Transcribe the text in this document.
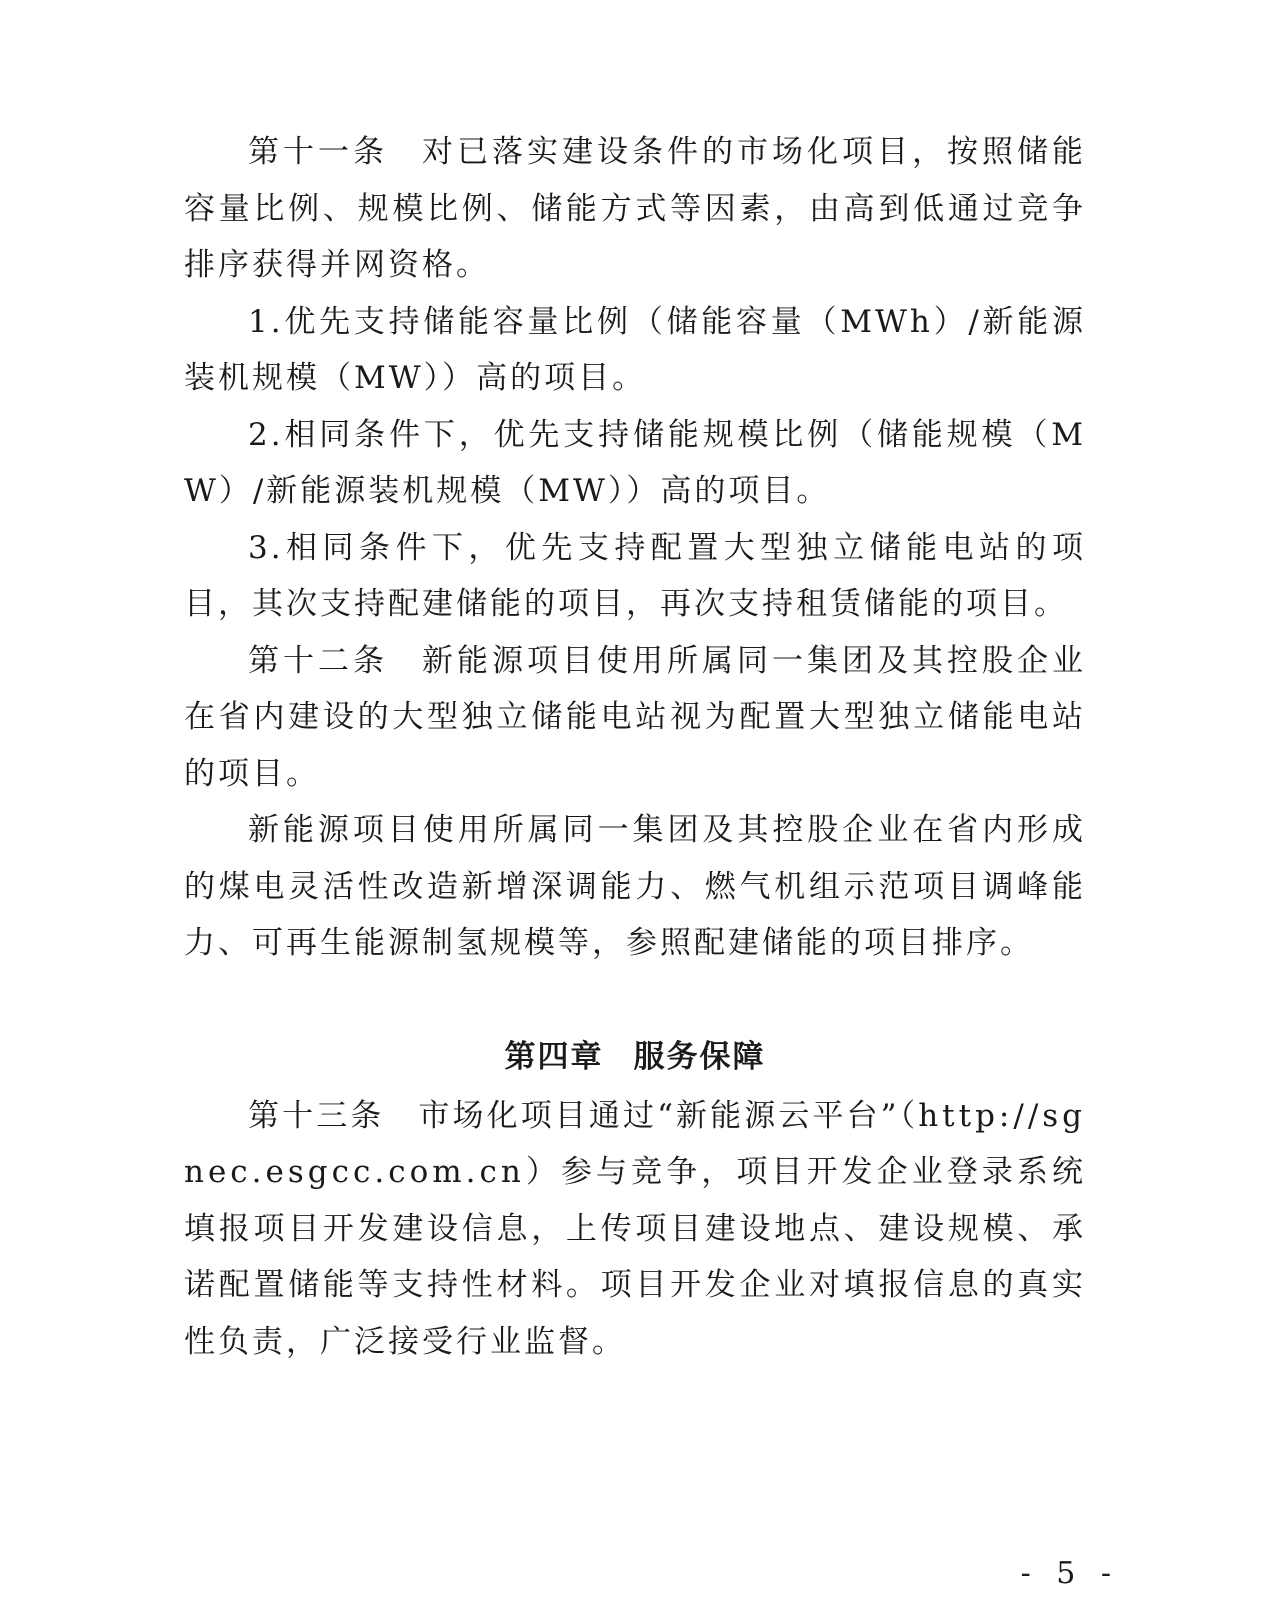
第十一条 对已落实建设条件的市场化项目，按照储能容量比例、规模比例、储能方式等因素，由高到低通过竞争排序获得并网资格。

1.优先支持储能容量比例（储能容量（MWh）/新能源装机规模（MW））高的项目。

2.相同条件下，优先支持储能规模比例（储能规模（MW）/新能源装机规模（MW））高的项目。

3.相同条件下，优先支持配置大型独立储能电站的项目，其次支持配建储能的项目，再次支持租赁储能的项目。

第十二条 新能源项目使用所属同一集团及其控股企业在省内建设的大型独立储能电站视为配置大型独立储能电站的项目。

新能源项目使用所属同一集团及其控股企业在省内形成的煤电灵活性改造新增深调能力、燃气机组示范项目调峰能力、可再生能源制氢规模等，参照配建储能的项目排序。

第四章 服务保障

第十三条 市场化项目通过“新能源云平台”（http://sgnec.esgcc.com.cn）参与竞争，项目开发企业登录系统填报项目开发建设信息，上传项目建设地点、建设规模、承诺配置储能等支持性材料。项目开发企业对填报信息的真实性负责，广泛接受行业监督。

- 5 -
